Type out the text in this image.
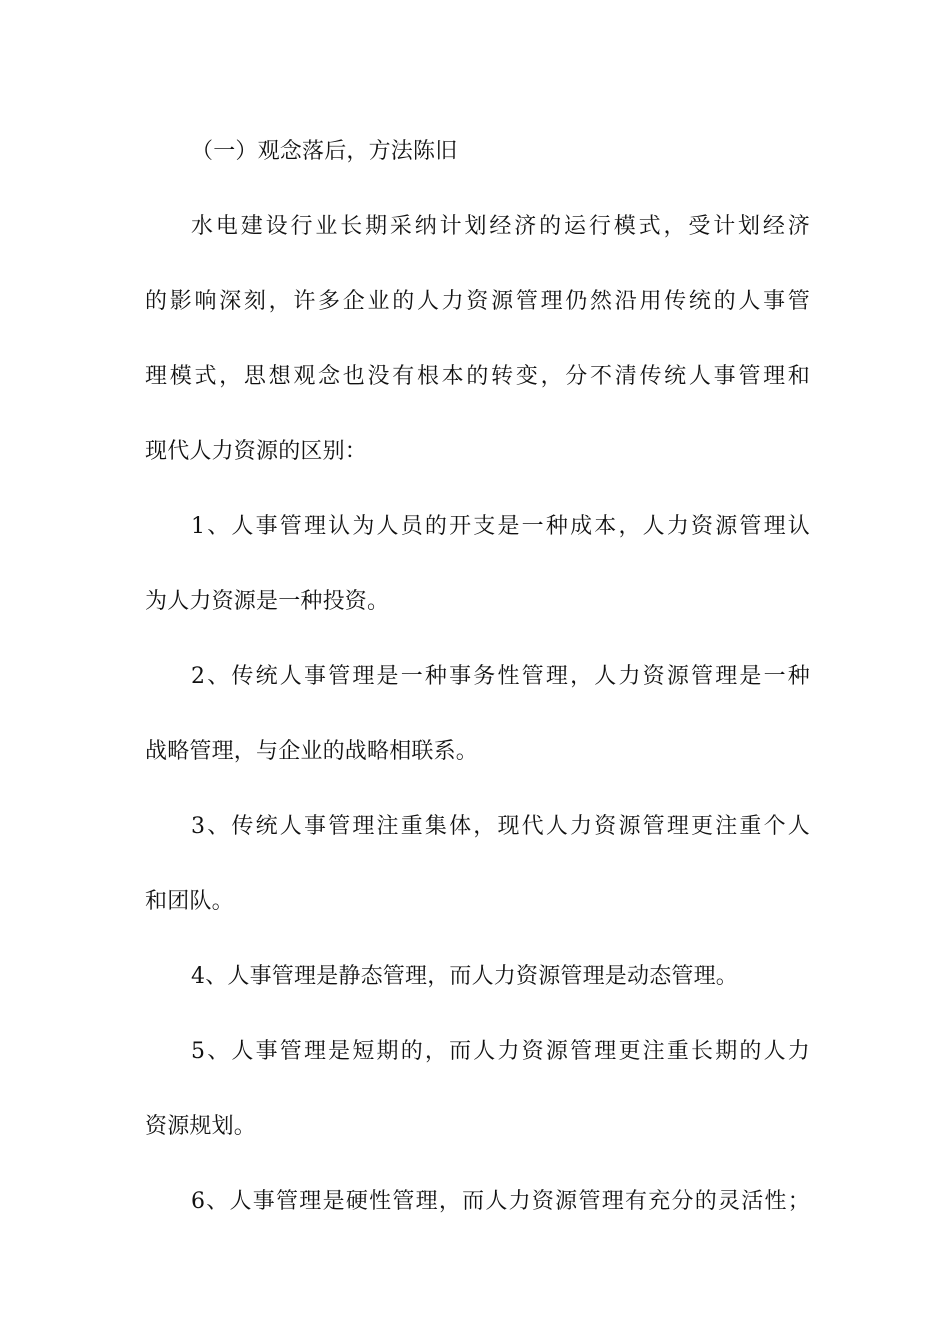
（一）观念落后，方法陈旧
水电建设行业长期采纳计划经济的运行模式，受计划经济
的影响深刻，许多企业的人力资源管理仍然沿用传统的人事管
理模式，思想观念也没有根本的转变，分不清传统人事管理和
现代人力资源的区别：
1、人事管理认为人员的开支是一种成本，人力资源管理认
为人力资源是一种投资。
2、传统人事管理是一种事务性管理，人力资源管理是一种
战略管理，与企业的战略相联系。
3、传统人事管理注重集体，现代人力资源管理更注重个人
和团队。
4、人事管理是静态管理，而人力资源管理是动态管理。
5、人事管理是短期的，而人力资源管理更注重长期的人力
资源规划。
6、人事管理是硬性管理，而人力资源管理有充分的灵活性；
